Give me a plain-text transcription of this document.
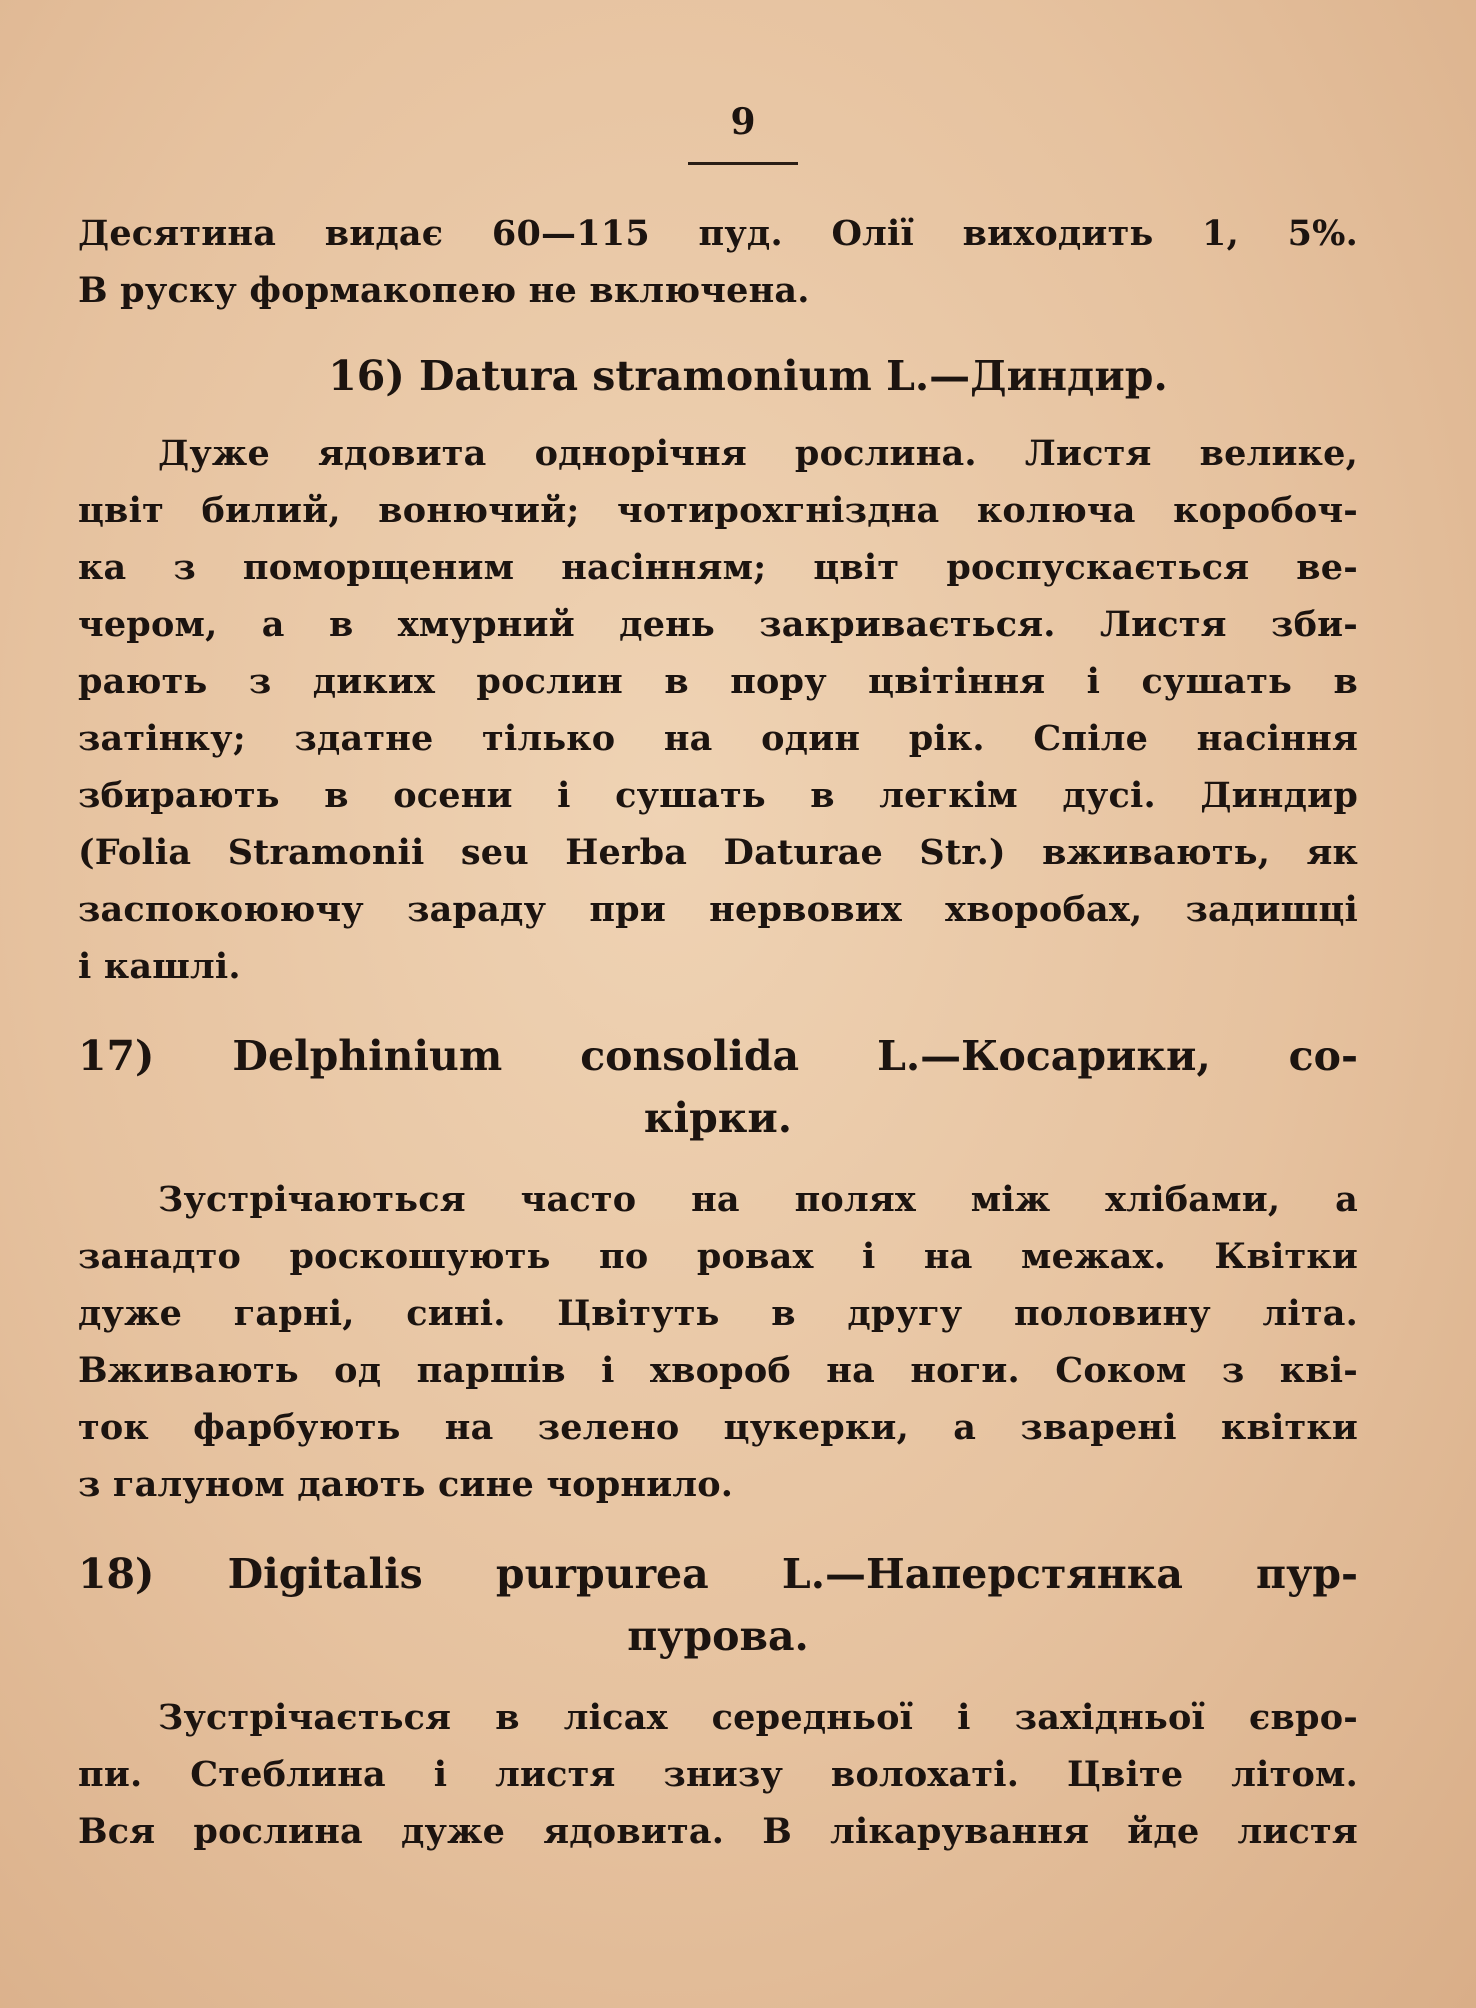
9
Десятина видає 60—115 пуд. Олії виходить 1, 5%.
В руску формакопею не включена.
16) Datura stramonium L.—Диндир.
Дуже ядовита однорічня рослина. Листя велике,
цвіт билий, вонючий; чотирохгніздна колюча коробоч-
ка з поморщеним насінням; цвіт роспускається ве-
чером, а в хмурний день закривається. Листя зби-
рають з диких рослин в пору цвітіння і сушать в
затінку; здатне тілько на один рік. Спіле насіння
збирають в осени і сушать в легкім дусі. Диндир
(Folia Stramonii seu Herba Daturae Str.) вживають, як
заспокоюючу зараду при нервових хворобах, задишці
і кашлі.
17) Delphinium consolida L.—Косарики, со-
кірки.
Зустрічаються часто на полях між хлібами, а
занадто роскошують по ровах і на межах. Квітки
дуже гарні, сині. Цвітуть в другу половину літа.
Вживають од паршів і хвороб на ноги. Соком з кві-
ток фарбують на зелено цукерки, а зварені квітки
з галуном дають сине чорнило.
18) Digitalis purpurea L.—Наперстянка пур-
пурова.
Зустрічається в лісах середньої і західньої євро-
пи. Стеблина і листя знизу волохаті. Цвіте літом.
Вся рослина дуже ядовита. В лікарування йде листя
